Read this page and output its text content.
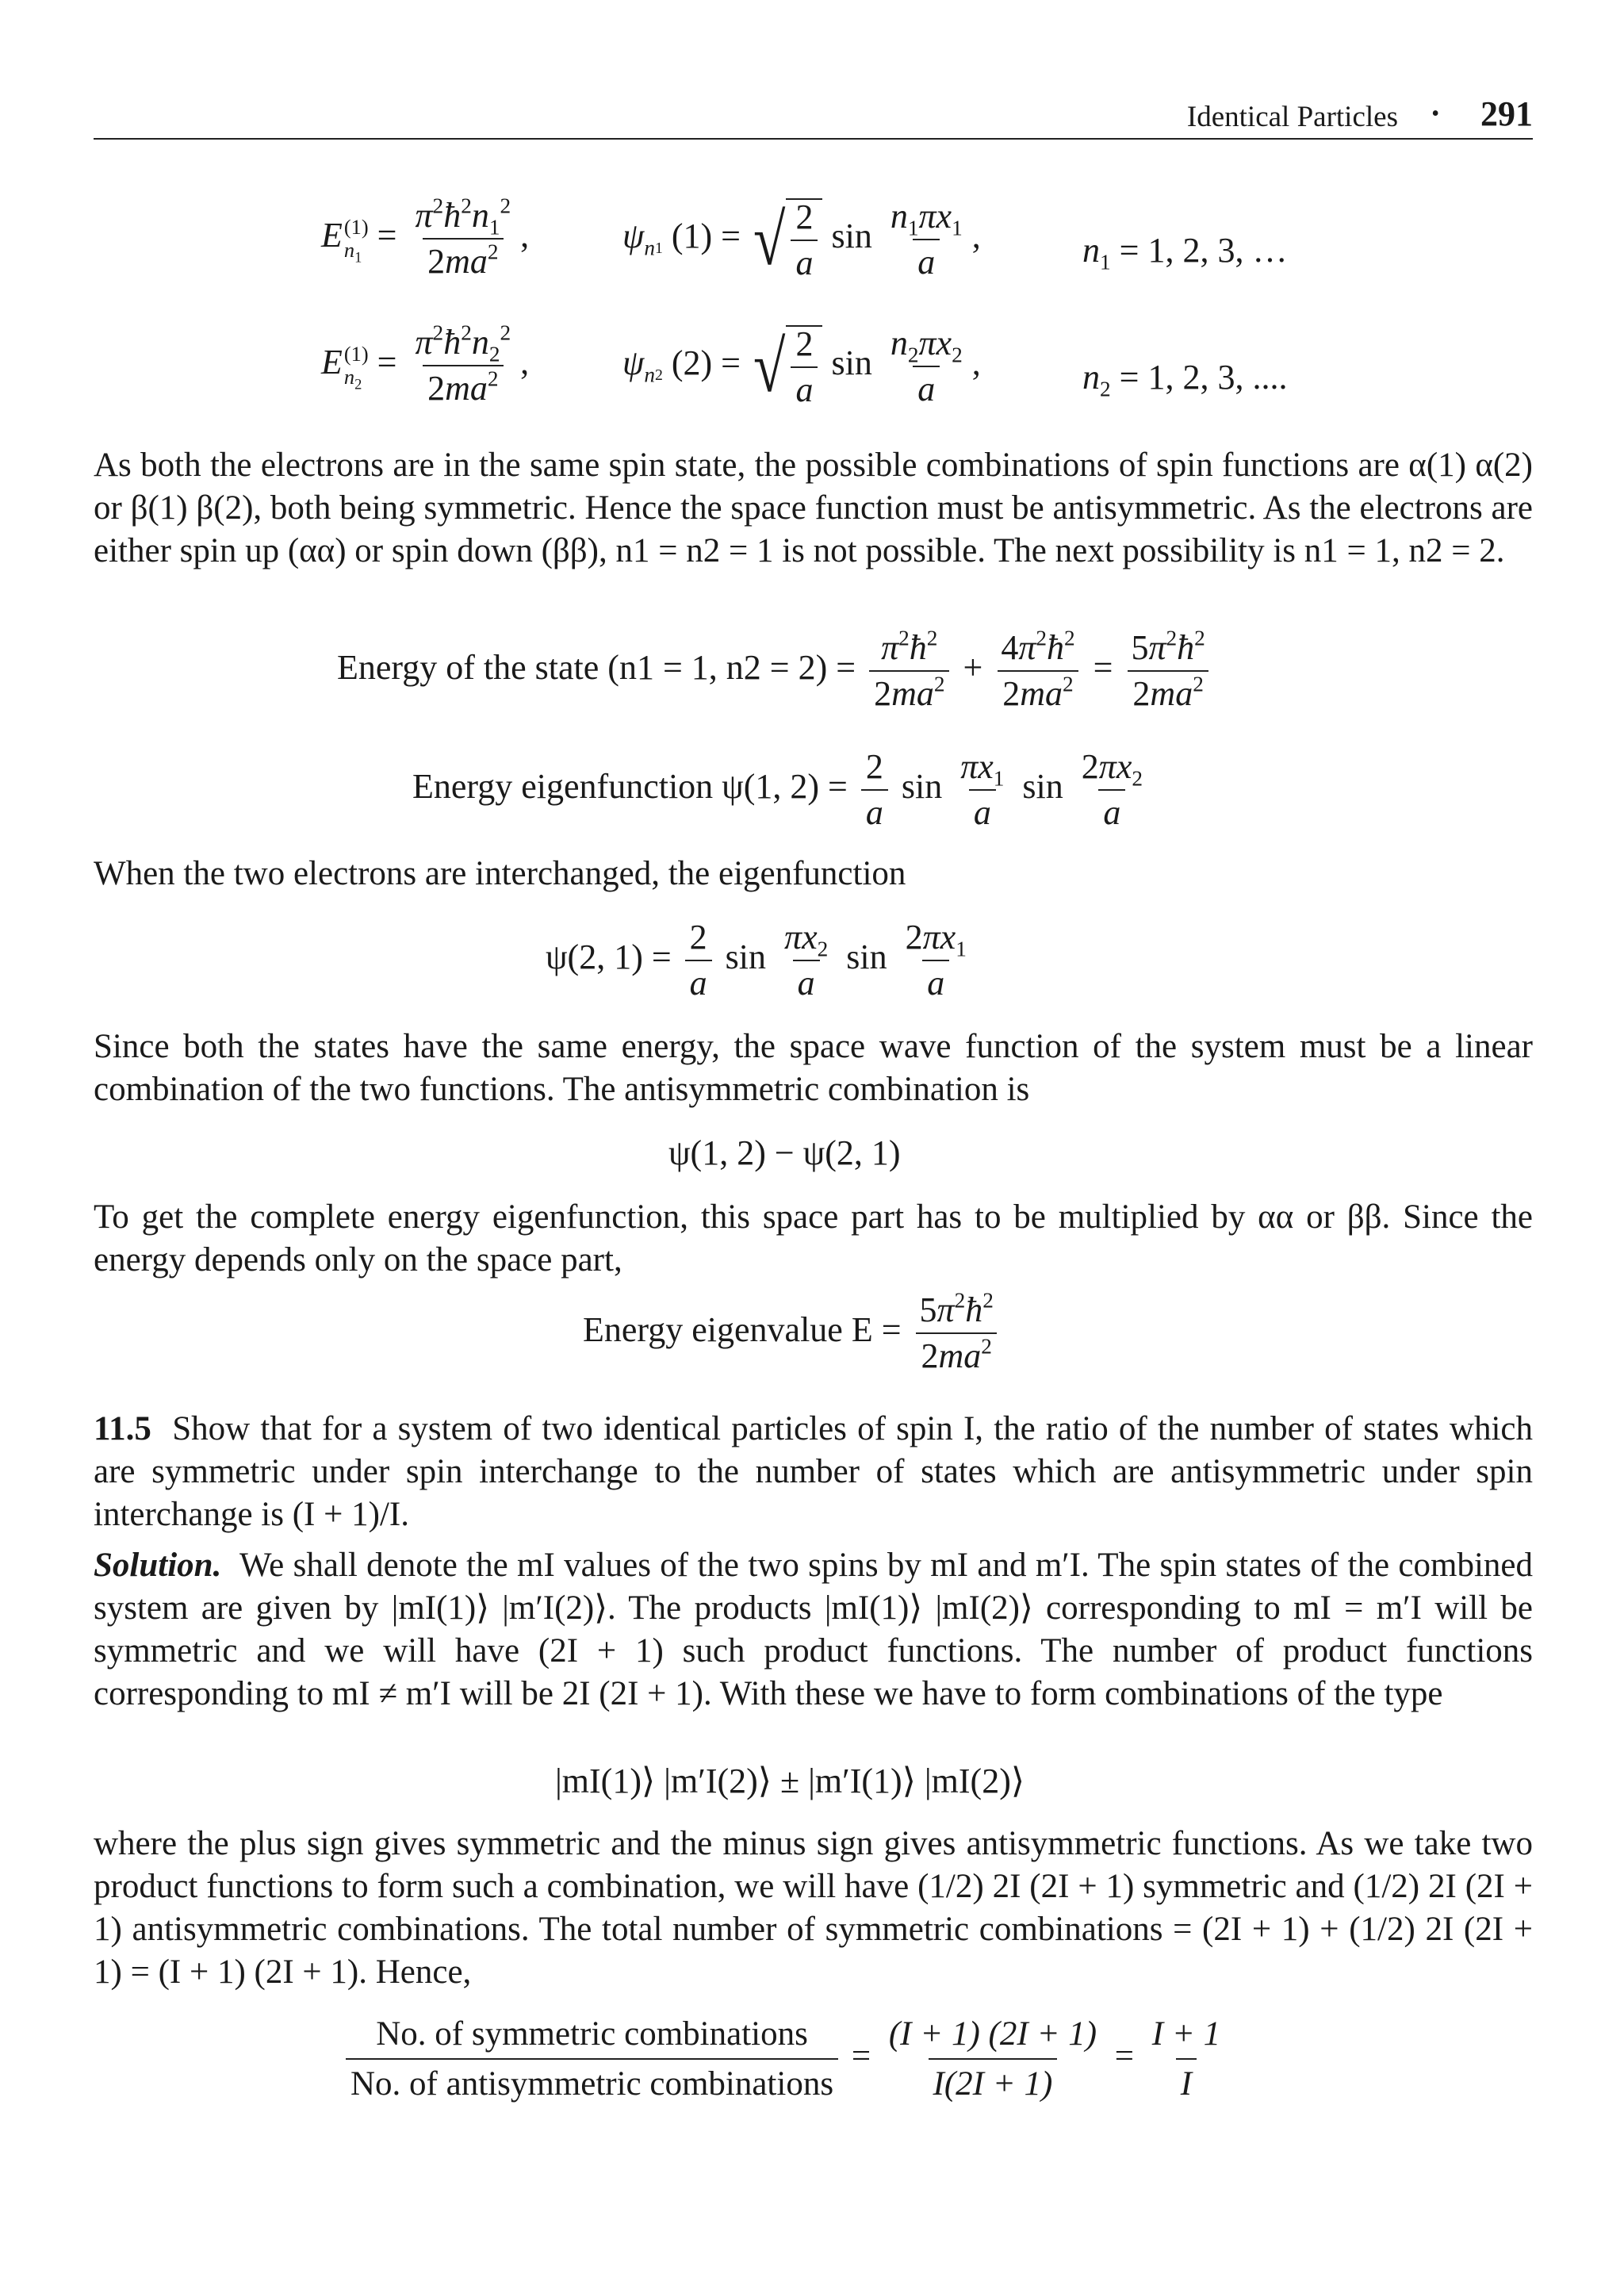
Identical Particles • 291
E(1)
$n_1 = \frac{\pi^2ħ^2n_1^2}{2ma^2}$ ,	$\psi_{n1}$ (1) = √ $\frac{2}{a}$ $\sin \frac{n_1\pi x_1}{a}$ ,	$n_1 = 1$, 2, 3, …
E(1)
$n_2 = \frac{\pi^2ħ^2n_2^2}{2ma^2}$ ,	$\psi_{n2}$ (2) = √ $\frac{2}{a}$ $\sin \frac{n_2\pi x_2}{a}$ ,	$n_2 = 1$, 2, 3, ....

As both the electrons are in the same spin state, the possible combinations of spin functions are α(1) α(2) or β(1) β(2), both being symmetric. Hence the space function must be antisymmetric. As the electrons are either spin up (αα) or spin down (ββ), n1 = n2 = 1 is not possible. The next possibility is n1 = 1, n2 = 2.

Energy of the state (n1 = 1, $n2 = 2) = \frac{\pi^2ħ^2}{2ma^2} + \frac{4\pi^2ħ^2}{2ma^2} = \frac{5\pi^2ħ^2}{2ma^2}$
Energy eigenfunction ψ(1, $2) = \frac{2}{a}$ $\sin \frac{\pi x_1}{a}$ $\sin \frac{2\pi x_2}{a}$

When the two electrons are interchanged, the eigenfunction

ψ(2, $1) = \frac{2}{a}$ $\sin \frac{\pi x_2}{a}$ $\sin \frac{2\pi x_1}{a}$

Since both the states have the same energy, the space wave function of the system must be a linear combination of the two functions. The antisymmetric combination is

ψ(1, 2) − ψ(2, 1)

To get the complete energy eigenfunction, this space part has to be multiplied by αα or ββ. Since the energy depends only on the space part,

Energy eigenvalue $E = \frac{5\pi^2ħ^2}{2ma^2}$

11.5 Show that for a system of two identical particles of spin I, the ratio of the number of states which are symmetric under spin interchange to the number of states which are antisymmetric under spin interchange is (I + 1)/I.

Solution. We shall denote the mI values of the two spins by mI and m′I. The spin states of the combined system are given by |mI(1)⟩ |m′I(2)⟩. The products |mI(1)⟩ |mI(2)⟩ corresponding to mI = m′I will be symmetric and we will have (2I + 1) such product functions. The number of product functions corresponding to mI ≠ m′I will be 2I (2I + 1). With these we have to form combinations of the type

|mI(1)⟩ |m′I(2)⟩ ± |m′I(1)⟩ |mI(2)⟩

where the plus sign gives symmetric and the minus sign gives antisymmetric functions. As we take two product functions to form such a combination, we will have (1/2) 2I (2I + 1) symmetric and (1/2) 2I (2I + 1) antisymmetric combinations. The total number of symmetric combinations = (2I + 1) + (1/2) 2I (2I + 1) = (I + 1) (2I + 1). Hence,

$\frac{\text{No. of symmetric combinations}}{\text{No. of antisymmetric combinations}} = \frac{(I + 1) (2I + 1)}{I(2I + 1)} = \frac{I + 1}{I}$
